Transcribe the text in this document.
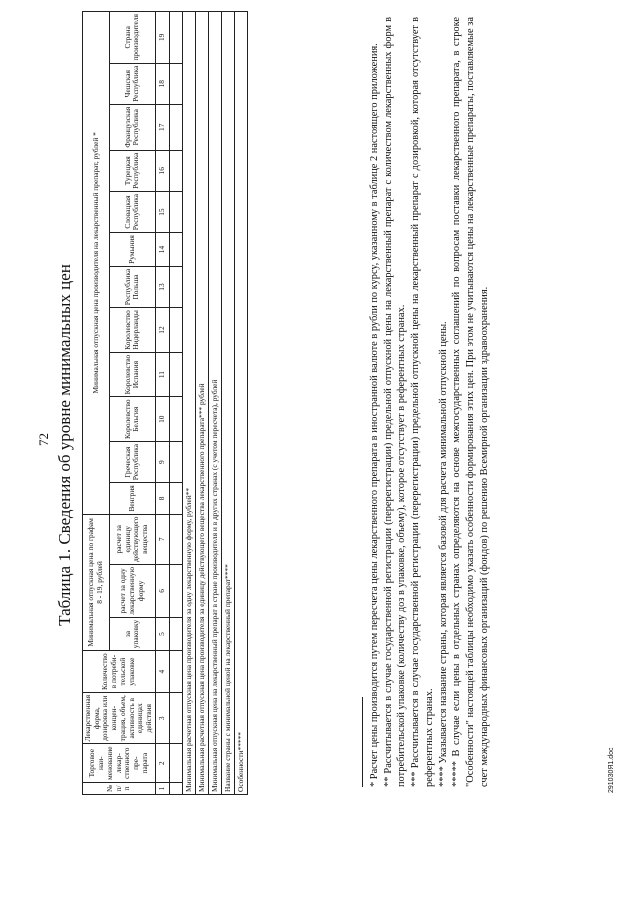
72 Таблица 1. Сведения об уровне минимальных цен
№ п/п	Торговое наи-менование лекар-ственного пре-парата	Лекарственная форма, дозировка или концен-трация, объем, активность в единицах действия	Количество в потреби-тельской упаковке	Минимальная отпускная цена по графам 8 - 19, рублей			Минимальная отпускная цена производителя на лекарственный препарат, рублей *											
				за упаковку	расчет за одну лекарственную форму	расчет за единицу действующего вещества	Венгрия	Греческая Республика	Королевство Бельгия	Королевство Испания	Королевство Нидерланды	Республика Польша	Румыния	Словацкая Республика	Турецкая Республика	Французская Республика	Чешская Республика	Страна производителя

1	2	3	4	5	6	7	8	9	10	11	12	13	14	15	16	17	18	19

Минимальная расчетная отпускная цена производителя за одну лекарственную форму, рублей**																		
Минимальная расчетная отпускная цена производителя за единицу действующего вещества лекарственного препарата*** рублей																		
Минимальная отпускная цена на лекарственный препарат в стране производителя и в других странах (с учетом пересчета), рублей																		
Название страны с минимальной ценой на лекарственный препарат****																		
Особенности*****																			* Расчет цены производится путем пересчета цены лекарственного препарата в иностранной валюте в рубли по курсу, указанному в таблице 2 настоящего приложения. ** Рассчитывается в случае государственной регистрации (перерегистрации) предельной отпускной цены на лекарственный препарат с количеством лекарственных форм в потребительской упаковке (количеству доз в упаковке, объему), которое отсутствует в референтных странах. *** Рассчитывается в случае государственной регистрации (перерегистрации) предельной отпускной цены на лекарственный препарат с дозировкой, которая отсутствует в референтных странах. **** Указывается название страны, которая является базовой для расчета минимальной отпускной цены. ***** В случае если цены в отдельных странах определяются на основе межгосударственных соглашений по вопросам поставки лекарственного препарата, в строке "Особенности" настоящей таблицы необходимо указать особенности формирования этих цен. При этом не учитываются цены на лекарственные препараты, поставляемые за счет международных финансовых организаций (фондов) по решению Всемирной организации здравоохранения.	291030Я1.doc
